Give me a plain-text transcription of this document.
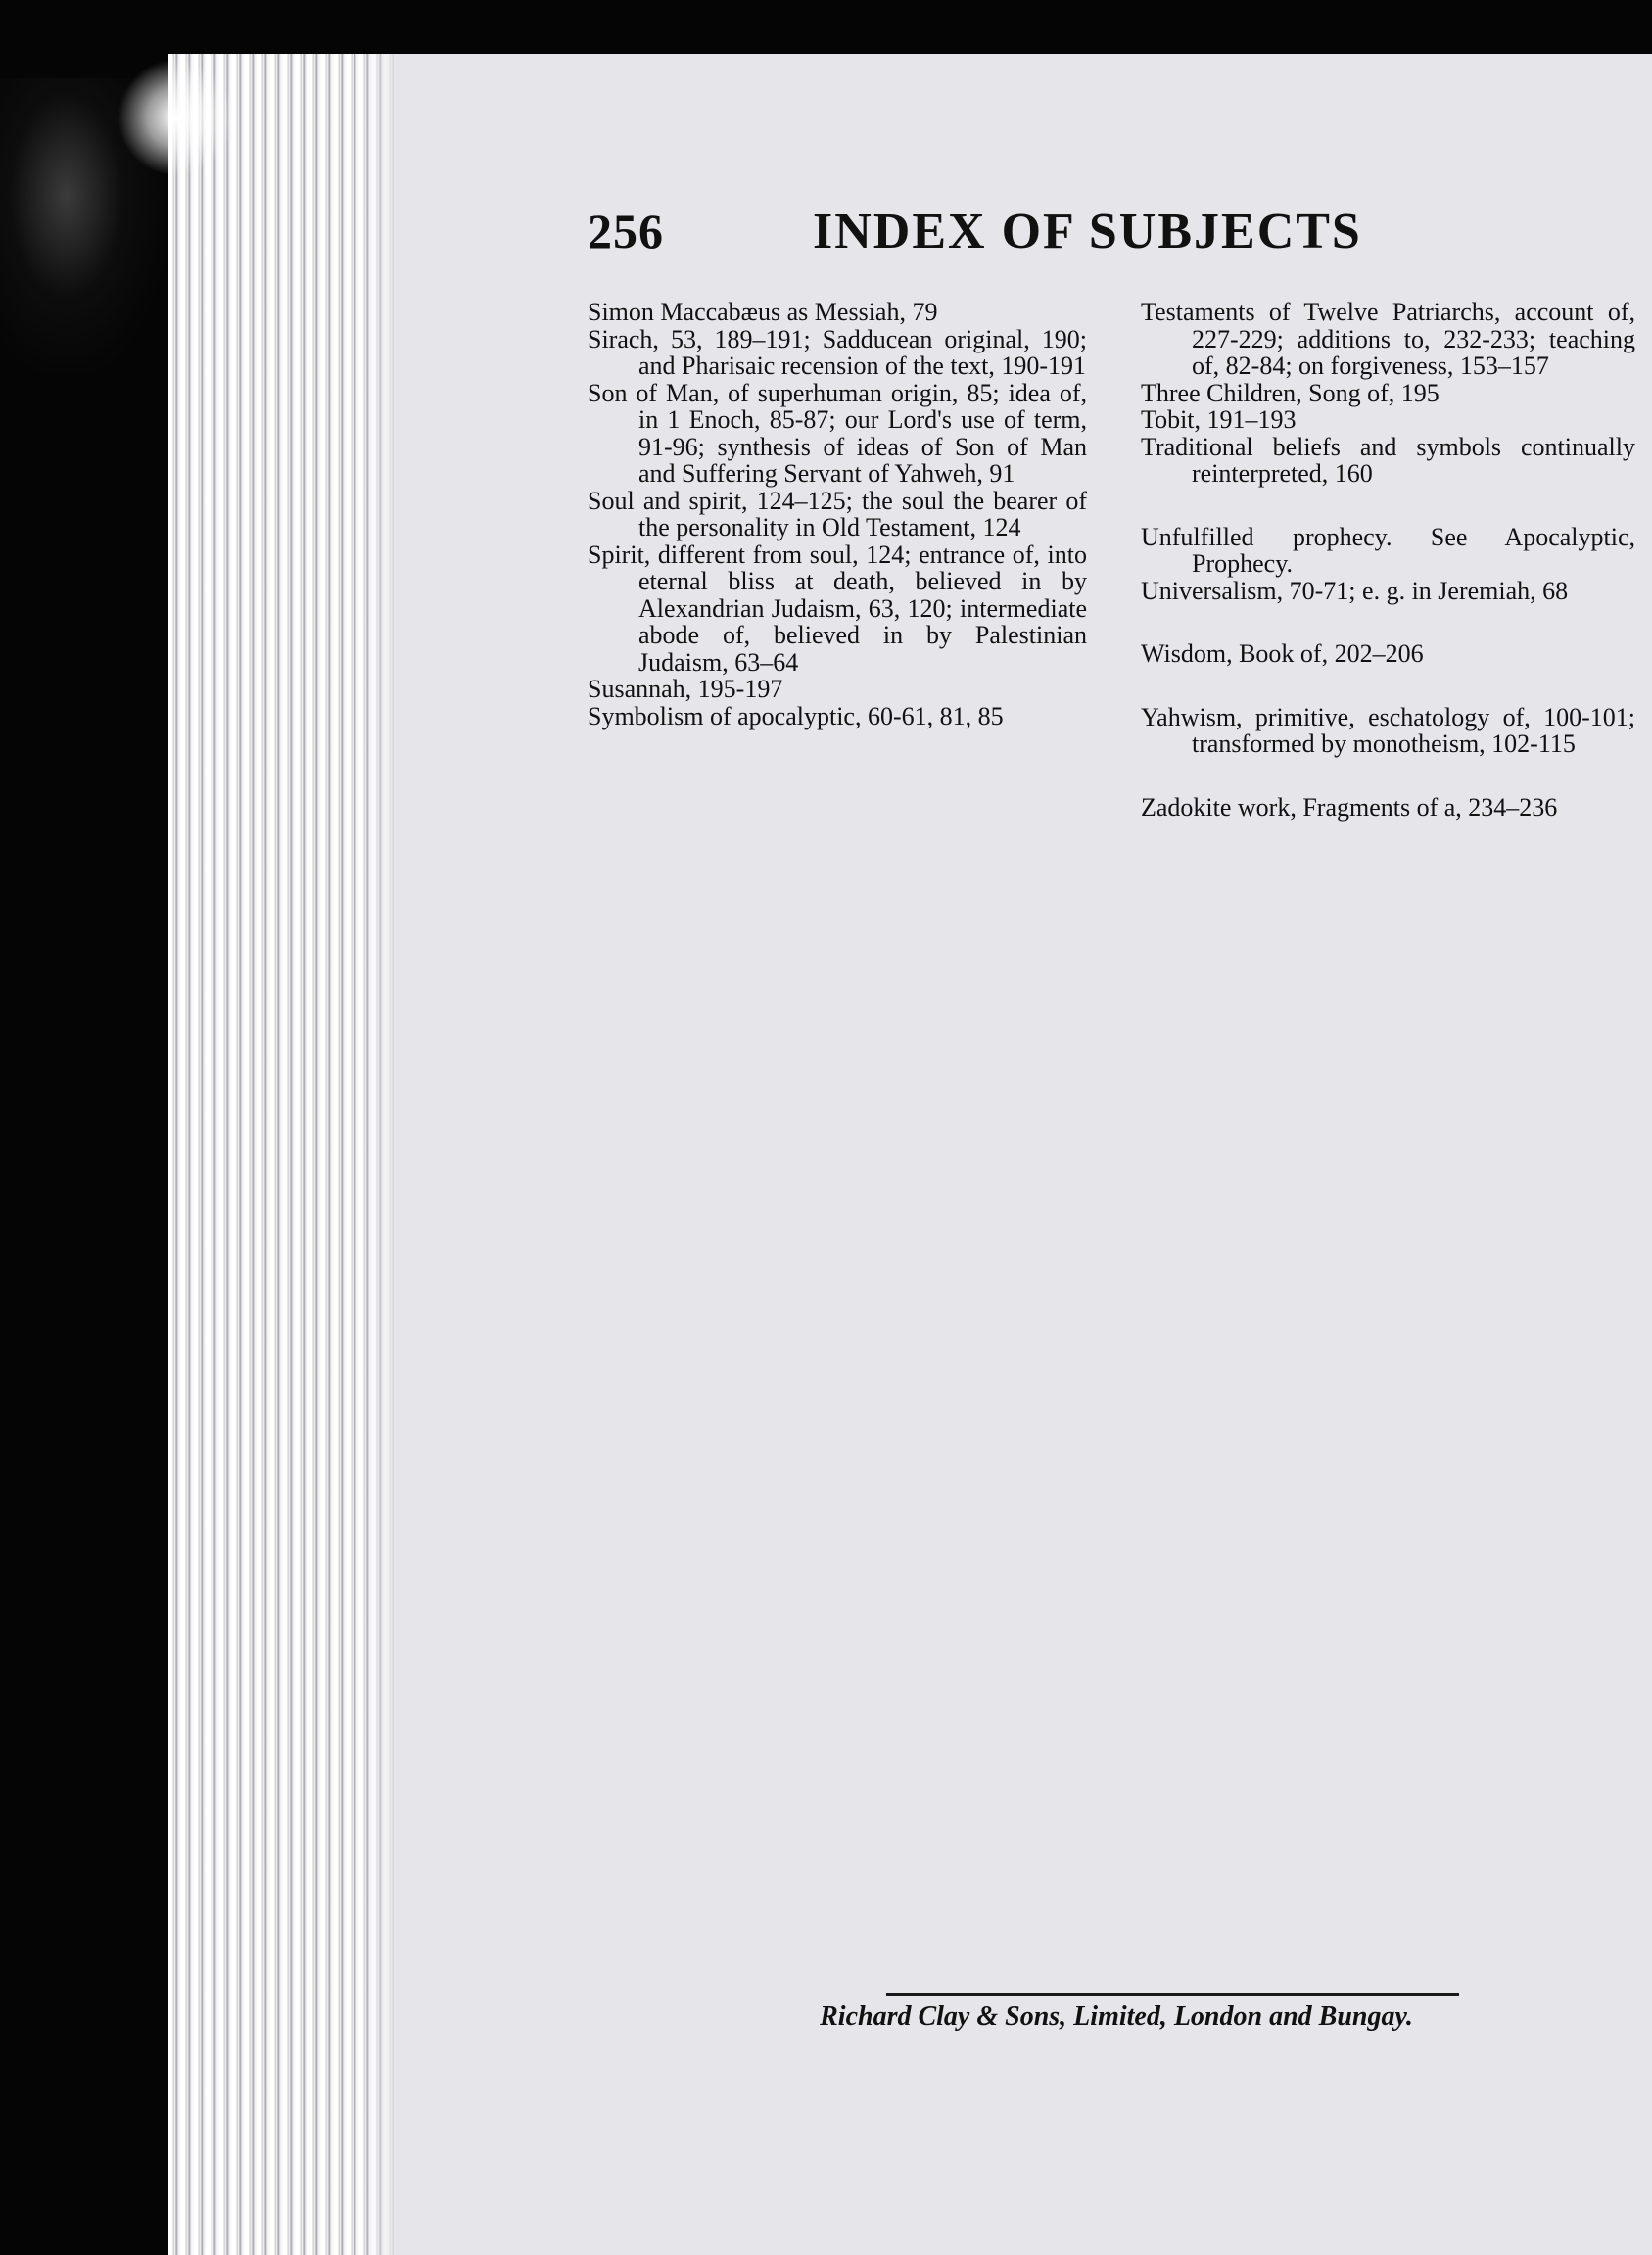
256	INDEX OF SUBJECTS
Simon Maccabæus as Messiah, 79
Sirach, 53, 189–191; Sadducean original, 190; and Pharisaic recension of the text, 190-191
Son of Man, of superhuman origin, 85; idea of, in 1 Enoch, 85-87; our Lord's use of term, 91-96; synthesis of ideas of Son of Man and Suffering Servant of Yahweh, 91
Soul and spirit, 124–125; the soul the bearer of the personality in Old Testament, 124
Spirit, different from soul, 124; entrance of, into eternal bliss at death, believed in by Alexandrian Judaism, 63, 120; intermediate abode of, believed in by Palestinian Judaism, 63–64
Susannah, 195-197
Symbolism of apocalyptic, 60-61, 81, 85
Testaments of Twelve Patriarchs, account of, 227-229; additions to, 232-233; teaching of, 82-84; on forgiveness, 153–157
Three Children, Song of, 195
Tobit, 191–193
Traditional beliefs and symbols continually reinterpreted, 160
Unfulfilled prophecy. See Apocalyptic, Prophecy.
Universalism, 70-71; e. g. in Jeremiah, 68
Wisdom, Book of, 202–206
Yahwism, primitive, eschatology of, 100-101; transformed by monotheism, 102-115
Zadokite work, Fragments of a, 234–236
Richard Clay & Sons, Limited, London and Bungay.
